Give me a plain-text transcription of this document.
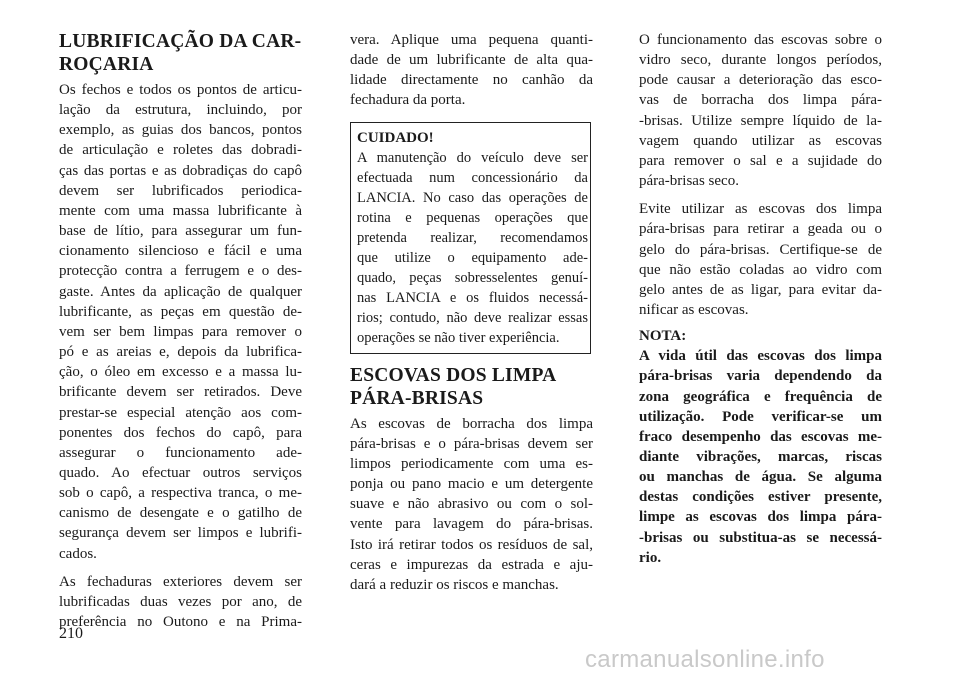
LUBRIFICAÇÃO DA CAR-
ROÇARIA
Os fechos e todos os pontos de articu-
lação da estrutura, incluindo, por
exemplo, as guias dos bancos, pontos
de articulação e roletes das dobradi-
ças das portas e as dobradiças do capô
devem ser lubrificados periodica-
mente com uma massa lubrificante à
base de lítio, para assegurar um fun-
cionamento silencioso e fácil e uma
protecção contra a ferrugem e o des-
gaste. Antes da aplicação de qualquer
lubrificante, as peças em questão de-
vem ser bem limpas para remover o
pó e as areias e, depois da lubrifica-
ção, o óleo em excesso e a massa lu-
brificante devem ser retirados. Deve
prestar-se especial atenção aos com-
ponentes dos fechos do capô, para
assegurar o funcionamento ade-
quado. Ao efectuar outros serviços
sob o capô, a respectiva tranca, o me-
canismo de desengate e o gatilho de
segurança devem ser limpos e lubrifi-
cados.
As fechaduras exteriores devem ser
lubrificadas duas vezes por ano, de
preferência no Outono e na Prima-
vera. Aplique uma pequena quanti-
dade de um lubrificante de alta qua-
lidade directamente no canhão da
fechadura da porta.
CUIDADO!
A manutenção do veículo deve ser
efectuada num concessionário da
LANCIA. No caso das operações de
rotina e pequenas operações que
pretenda realizar, recomendamos
que utilize o equipamento ade-
quado, peças sobresselentes genuí-
nas LANCIA e os fluidos necessá-
rios; contudo, não deve realizar essas
operações se não tiver experiência.
ESCOVAS DOS LIMPA
PÁRA-BRISAS
As escovas de borracha dos limpa
pára-brisas e o pára-brisas devem ser
limpos periodicamente com uma es-
ponja ou pano macio e um detergente
suave e não abrasivo ou com o sol-
vente para lavagem do pára-brisas.
Isto irá retirar todos os resíduos de sal,
ceras e impurezas da estrada e aju-
dará a reduzir os riscos e manchas.
O funcionamento das escovas sobre o
vidro seco, durante longos períodos,
pode causar a deterioração das esco-
vas de borracha dos limpa pára-
-brisas. Utilize sempre líquido de la-
vagem quando utilizar as escovas
para remover o sal e a sujidade do
pára-brisas seco.
Evite utilizar as escovas dos limpa
pára-brisas para retirar a geada ou o
gelo do pára-brisas. Certifique-se de
que não estão coladas ao vidro com
gelo antes de as ligar, para evitar da-
nificar as escovas.
NOTA:
A vida útil das escovas dos limpa
pára-brisas varia dependendo da
zona geográfica e frequência de
utilização. Pode verificar-se um
fraco desempenho das escovas me-
diante vibrações, marcas, riscas
ou manchas de água. Se alguma
destas condições estiver presente,
limpe as escovas dos limpa pára-
-brisas ou substitua-as se necessá-
rio.
210
carmanualsonline.info
